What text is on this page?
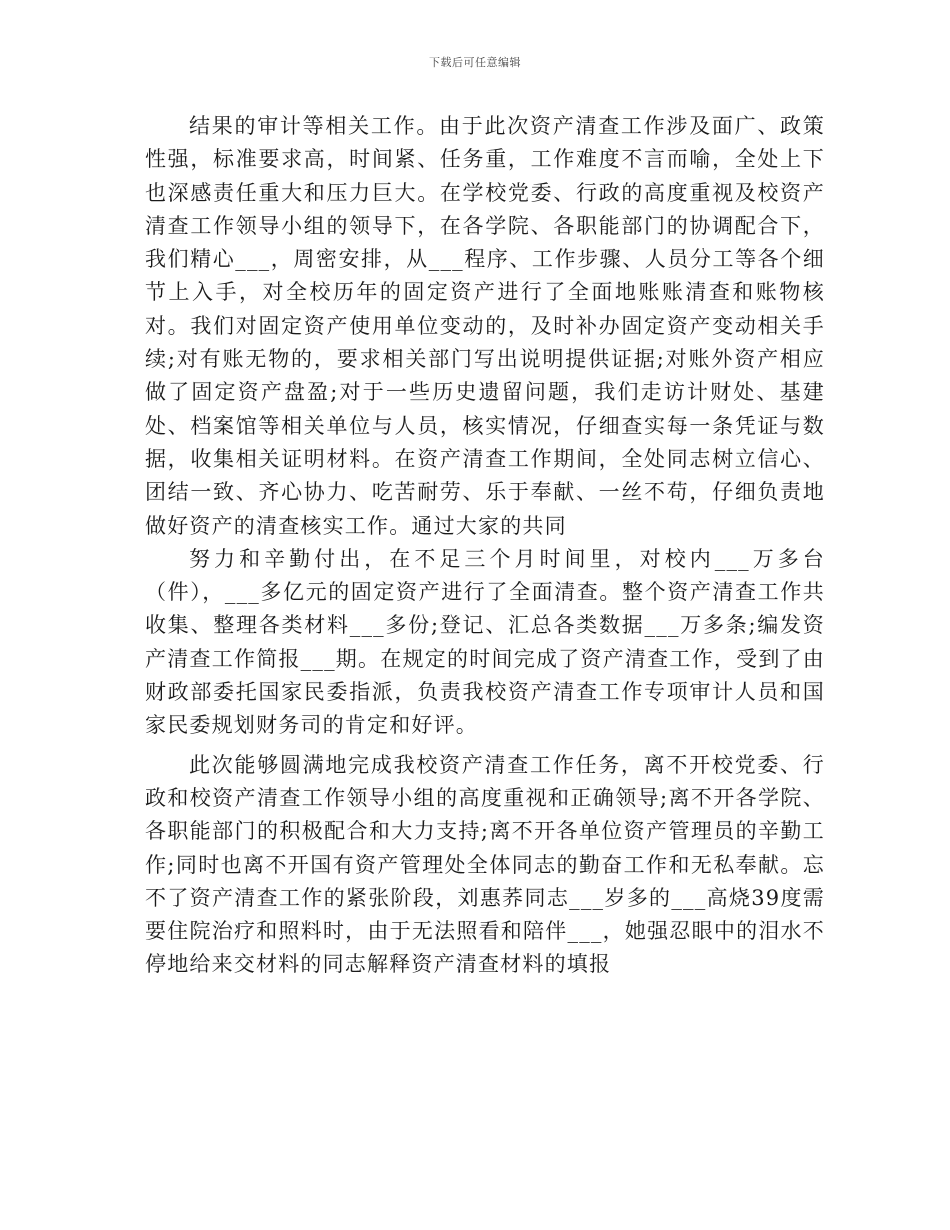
下载后可任意编辑

结果的审计等相关工作。由于此次资产清查工作涉及面广、政策性强，标准要求高，时间紧、任务重，工作难度不言而喻，全处上下也深感责任重大和压力巨大。在学校党委、行政的高度重视及校资产清查工作领导小组的领导下，在各学院、各职能部门的协调配合下，我们精心___，周密安排，从___程序、工作步骤、人员分工等各个细节上入手，对全校历年的固定资产进行了全面地账账清查和账物核对。我们对固定资产使用单位变动的，及时补办固定资产变动相关手续;对有账无物的，要求相关部门写出说明提供证据;对账外资产相应做了固定资产盘盈;对于一些历史遗留问题，我们走访计财处、基建处、档案馆等相关单位与人员，核实情况，仔细查实每一条凭证与数据，收集相关证明材料。在资产清查工作期间，全处同志树立信心、团结一致、齐心协力、吃苦耐劳、乐于奉献、一丝不苟，仔细负责地做好资产的清查核实工作。通过大家的共同

努力和辛勤付出，在不足三个月时间里，对校内___万多台（件），___多亿元的固定资产进行了全面清查。整个资产清查工作共收集、整理各类材料___多份;登记、汇总各类数据___万多条;编发资产清查工作简报___期。在规定的时间完成了资产清查工作，受到了由财政部委托国家民委指派，负责我校资产清查工作专项审计人员和国家民委规划财务司的肯定和好评。

此次能够圆满地完成我校资产清查工作任务，离不开校党委、行政和校资产清查工作领导小组的高度重视和正确领导;离不开各学院、各职能部门的积极配合和大力支持;离不开各单位资产管理员的辛勤工作;同时也离不开国有资产管理处全体同志的勤奋工作和无私奉献。忘不了资产清查工作的紧张阶段，刘惠荞同志___岁多的___高烧39度需要住院治疗和照料时，由于无法照看和陪伴___，她强忍眼中的泪水不停地给来交材料的同志解释资产清查材料的填报
